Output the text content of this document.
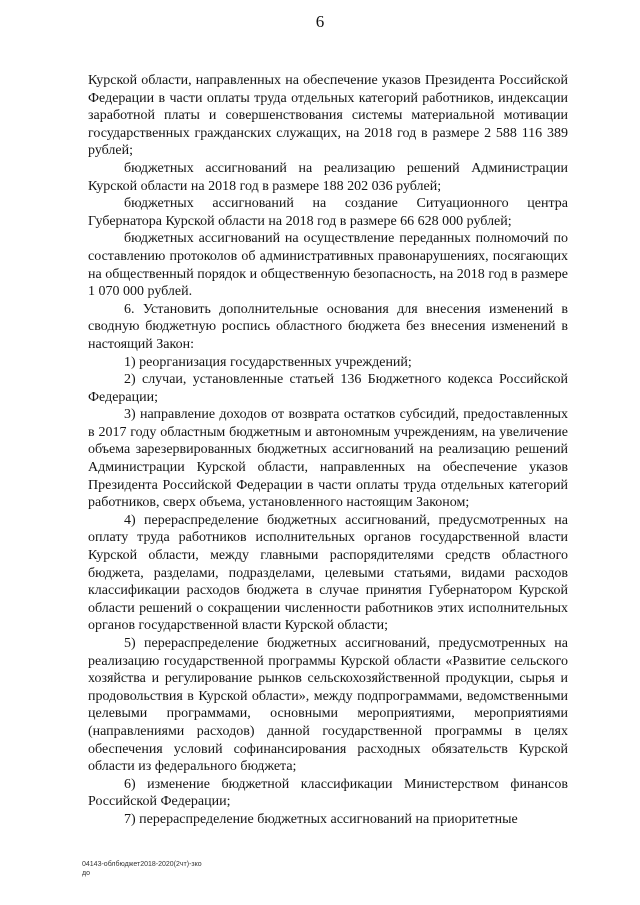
6

Курской области, направленных на обеспечение указов Президента Российской Федерации в части оплаты труда отдельных категорий работников, индексации заработной платы и совершенствования системы материальной мотивации государственных гражданских служащих, на 2018 год в размере 2 588 116 389 рублей;

бюджетных ассигнований на реализацию решений Администрации Курской области на 2018 год в размере 188 202 036 рублей;

бюджетных ассигнований на создание Ситуационного центра Губернатора Курской области на 2018 год в размере 66 628 000 рублей;

бюджетных ассигнований на осуществление переданных полномочий по составлению протоколов об административных правонарушениях, посягающих на общественный порядок и общественную безопасность, на 2018 год в размере 1 070 000 рублей.

6. Установить дополнительные основания для внесения изменений в сводную бюджетную роспись областного бюджета без внесения изменений в настоящий Закон:

1) реорганизация государственных учреждений;

2) случаи, установленные статьей 136 Бюджетного кодекса Российской Федерации;

3) направление доходов от возврата остатков субсидий, предоставленных в 2017 году областным бюджетным и автономным учреждениям, на увеличение объема зарезервированных бюджетных ассигнований на реализацию решений Администрации Курской области, направленных на обеспечение указов Президента Российской Федерации в части оплаты труда отдельных категорий работников, сверх объема, установленного настоящим Законом;

4) перераспределение бюджетных ассигнований, предусмотренных на оплату труда работников исполнительных органов государственной власти Курской области, между главными распорядителями средств областного бюджета, разделами, подразделами, целевыми статьями, видами расходов классификации расходов бюджета в случае принятия Губернатором Курской области решений о сокращении численности работников этих исполнительных органов государственной власти Курской области;

5) перераспределение бюджетных ассигнований, предусмотренных на реализацию государственной программы Курской области «Развитие сельского хозяйства и регулирование рынков сельскохозяйственной продукции, сырья и продовольствия в Курской области», между подпрограммами, ведомственными целевыми программами, основными мероприятиями, мероприятиями (направлениями расходов) данной государственной программы в целях обеспечения условий софинансирования расходных обязательств Курской области из федерального бюджета;

6) изменение бюджетной классификации Министерством финансов Российской Федерации;

7) перераспределение бюджетных ассигнований на приоритетные

04143-облбюджет2018-2020(2чт)-зко
до
